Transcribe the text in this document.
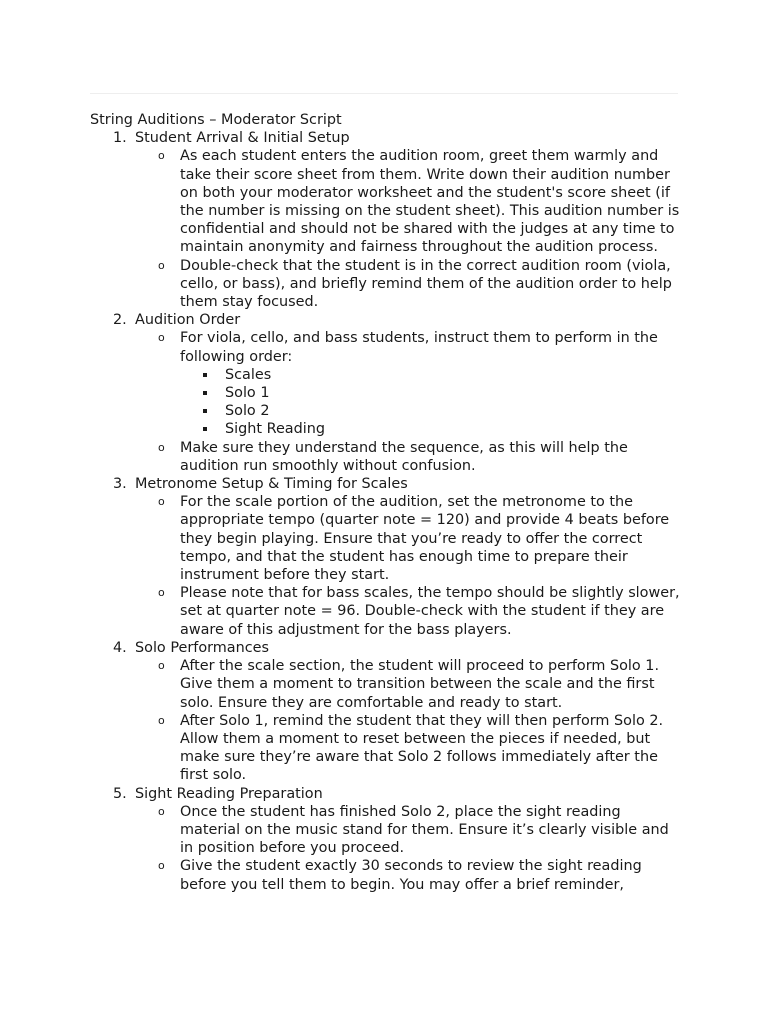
String Auditions – Moderator Script
1. Student Arrival & Initial Setup
o As each student enters the audition room, greet them warmly and take their score sheet from them. Write down their audition number on both your moderator worksheet and the student's score sheet (if the number is missing on the student sheet). This audition number is confidential and should not be shared with the judges at any time to maintain anonymity and fairness throughout the audition process.
o Double-check that the student is in the correct audition room (viola, cello, or bass), and briefly remind them of the audition order to help them stay focused.
2. Audition Order
o For viola, cello, and bass students, instruct them to perform in the following order:
Scales
Solo 1
Solo 2
Sight Reading
o Make sure they understand the sequence, as this will help the audition run smoothly without confusion.
3. Metronome Setup & Timing for Scales
o For the scale portion of the audition, set the metronome to the appropriate tempo (quarter note = 120) and provide 4 beats before they begin playing. Ensure that you’re ready to offer the correct tempo, and that the student has enough time to prepare their instrument before they start.
o Please note that for bass scales, the tempo should be slightly slower, set at quarter note = 96. Double-check with the student if they are aware of this adjustment for the bass players.
4. Solo Performances
o After the scale section, the student will proceed to perform Solo 1. Give them a moment to transition between the scale and the first solo. Ensure they are comfortable and ready to start.
o After Solo 1, remind the student that they will then perform Solo 2. Allow them a moment to reset between the pieces if needed, but make sure they’re aware that Solo 2 follows immediately after the first solo.
5. Sight Reading Preparation
o Once the student has finished Solo 2, place the sight reading material on the music stand for them. Ensure it’s clearly visible and in position before you proceed.
o Give the student exactly 30 seconds to review the sight reading before you tell them to begin. You may offer a brief reminder,
